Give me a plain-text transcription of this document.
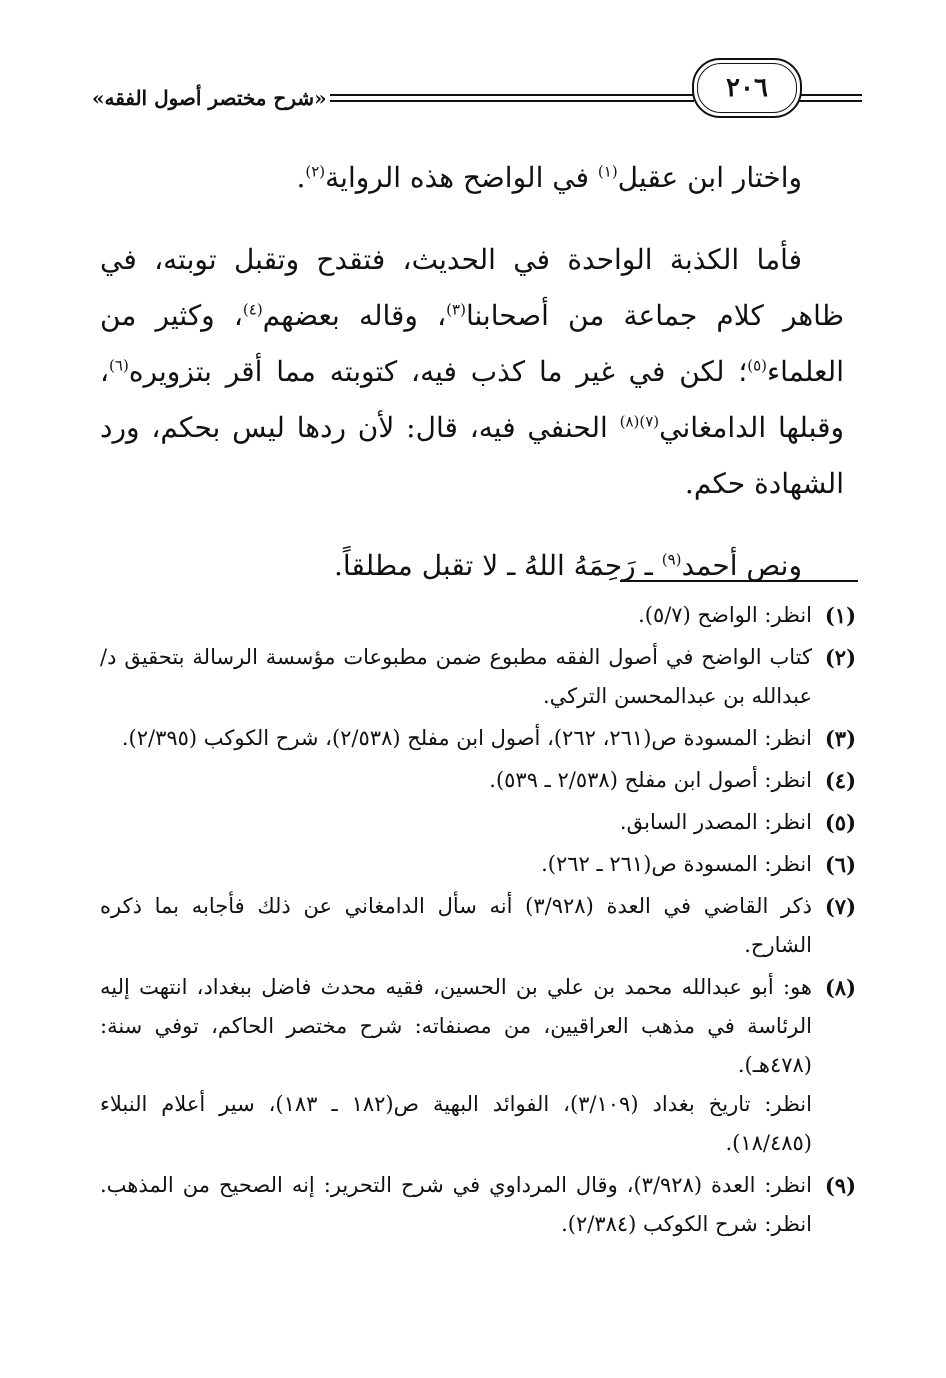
«شرح مختصر أصول الفقه»	٢٠٦

واختار ابن عقيل$^{(١)}$ في الواضح هذه الرواية$^{(٢)}$.

فأما الكذبة الواحدة في الحديث، فتقدح وتقبل توبته، في ظاهر كلام جماعة من أصحابنا$^{(٣)}$، وقاله بعضهم$^{(٤)}$، وكثير من العلماء$^{(٥)}$؛ لكن في غير ما كذب فيه، كتوبته مما أقر بتزويره$^{(٦)}$، وقبلها الدامغاني$^{(٧)(٨)}$ الحنفي فيه، قال: لأن ردها ليس بحكم، ورد الشهادة حكم.

ونص أحمد$^{(٩)}$ ـ رَحِمَهُ اللهُ ـ لا تقبل مطلقاً.

(١)
انظر: الواضح (٥/٧).
(٢)
كتاب الواضح في أصول الفقه مطبوع ضمن مطبوعات مؤسسة الرسالة بتحقيق د/ عبدالله بن عبدالمحسن التركي.
(٣)
انظر: المسودة ص(٢٦١، ٢٦٢)، أصول ابن مفلح (٢/٥٣٨)، شرح الكوكب (٢/٣٩٥).
(٤)
انظر: أصول ابن مفلح (٢/٥٣٨ ـ ٥٣٩).
(٥)
انظر: المصدر السابق.
(٦)
انظر: المسودة ص(٢٦١ ـ ٢٦٢).
(٧)
ذكر القاضي في العدة (٣/٩٢٨) أنه سأل الدامغاني عن ذلك فأجابه بما ذكره الشارح.
(٨)
هو: أبو عبدالله محمد بن علي بن الحسين، فقيه محدث فاضل ببغداد، انتهت إليه الرئاسة في مذهب العراقيين، من مصنفاته: شرح مختصر الحاكم، توفي سنة: (٤٧٨هـ).
انظر: تاريخ بغداد (٣/١٠٩)، الفوائد البهية ص(١٨٢ ـ ١٨٣)، سير أعلام النبلاء (١٨/٤٨٥).
(٩)
انظر: العدة (٣/٩٢٨)، وقال المرداوي في شرح التحرير: إنه الصحيح من المذهب. انظر: شرح الكوكب (٢/٣٨٤).
